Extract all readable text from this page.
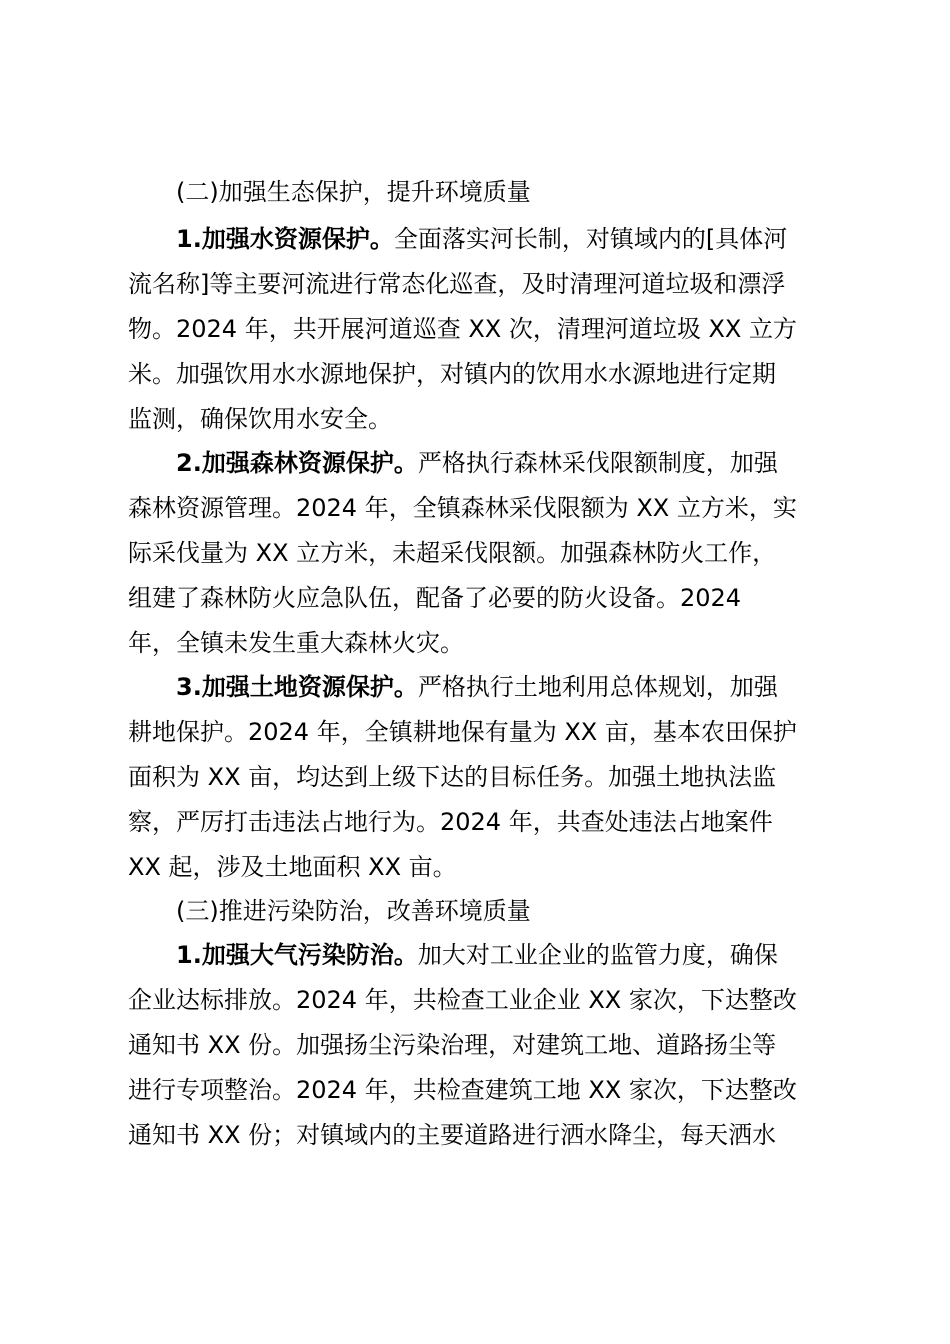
(二)加强生态保护，提升环境质量
1.加强水资源保护。全面落实河长制，对镇域内的[具体河
流名称]等主要河流进行常态化巡查，及时清理河道垃圾和漂浮
物。2024 年，共开展河道巡查 XX 次，清理河道垃圾 XX 立方
米。加强饮用水水源地保护，对镇内的饮用水水源地进行定期
监测，确保饮用水安全。
2.加强森林资源保护。严格执行森林采伐限额制度，加强
森林资源管理。2024 年，全镇森林采伐限额为 XX 立方米，实
际采伐量为 XX 立方米，未超采伐限额。加强森林防火工作，
组建了森林防火应急队伍，配备了必要的防火设备。2024
年，全镇未发生重大森林火灾。
3.加强土地资源保护。严格执行土地利用总体规划，加强
耕地保护。2024 年，全镇耕地保有量为 XX 亩，基本农田保护
面积为 XX 亩，均达到上级下达的目标任务。加强土地执法监
察，严厉打击违法占地行为。2024 年，共查处违法占地案件
XX 起，涉及土地面积 XX 亩。
(三)推进污染防治，改善环境质量
1.加强大气污染防治。加大对工业企业的监管力度，确保
企业达标排放。2024 年，共检查工业企业 XX 家次，下达整改
通知书 XX 份。加强扬尘污染治理，对建筑工地、道路扬尘等
进行专项整治。2024 年，共检查建筑工地 XX 家次，下达整改
通知书 XX 份；对镇域内的主要道路进行洒水降尘，每天洒水
